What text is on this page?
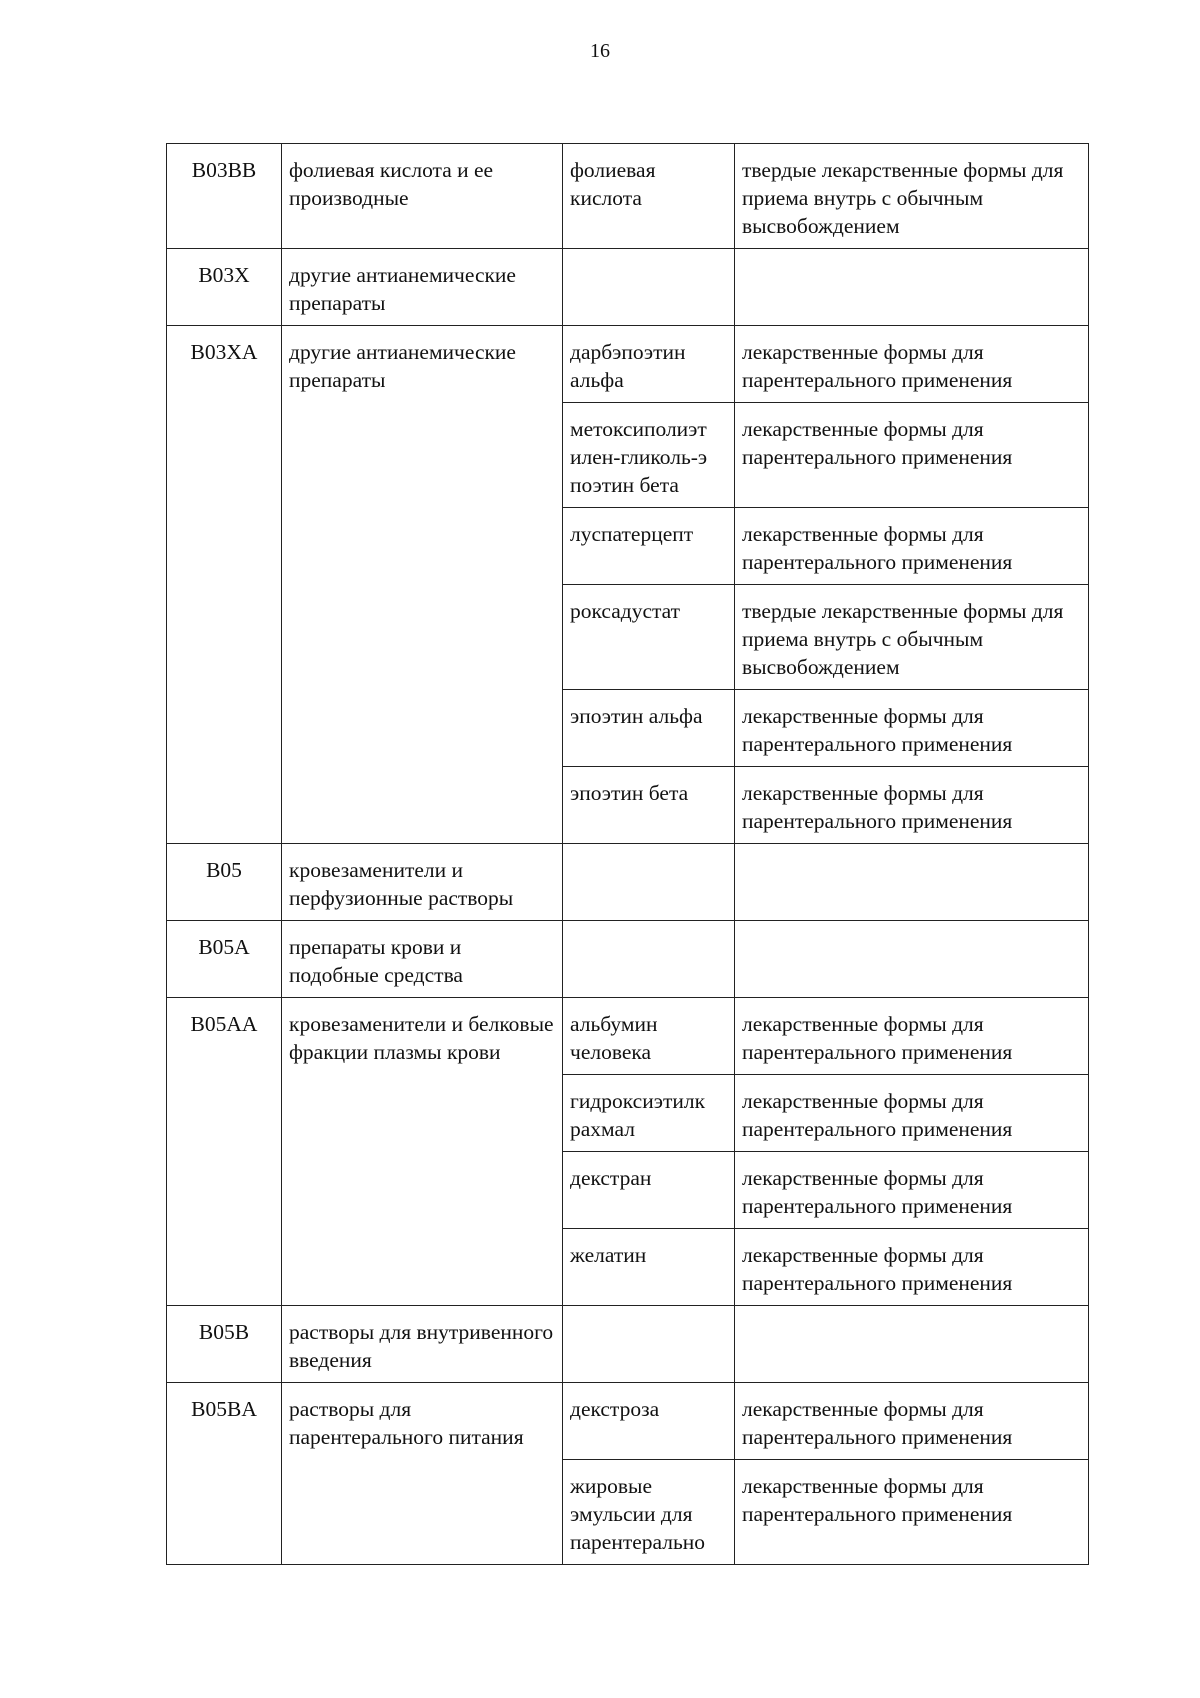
16
B03BB	фолиевая кислота и ее производные	фолиевая кислота	твердые лекарственные формы для приема внутрь с обычным высвобождением
B03X	другие антианемические препараты		
B03XA	другие антианемические препараты	дарбэпоэтин альфа	лекарственные формы для парентерального применения
		метоксиполиэт илен-гликоль-э поэтин бета	лекарственные формы для парентерального применения
		луспатерцепт	лекарственные формы для парентерального применения
		роксадустат	твердые лекарственные формы для приема внутрь с обычным высвобождением
		эпоэтин альфа	лекарственные формы для парентерального применения
		эпоэтин бета	лекарственные формы для парентерального применения
B05	кровезаменители и перфузионные растворы		
B05A	препараты крови и подобные средства		
B05AA	кровезаменители и белковые фракции плазмы крови	альбумин человека	лекарственные формы для парентерального применения
		гидроксиэтилк рахмал	лекарственные формы для парентерального применения
		декстран	лекарственные формы для парентерального применения
		желатин	лекарственные формы для парентерального применения
B05B	растворы для внутривенного введения		
B05BA	растворы для парентерального питания	декстроза	лекарственные формы для парентерального применения
		жировые эмульсии для парентерально	лекарственные формы для парентерального применения
